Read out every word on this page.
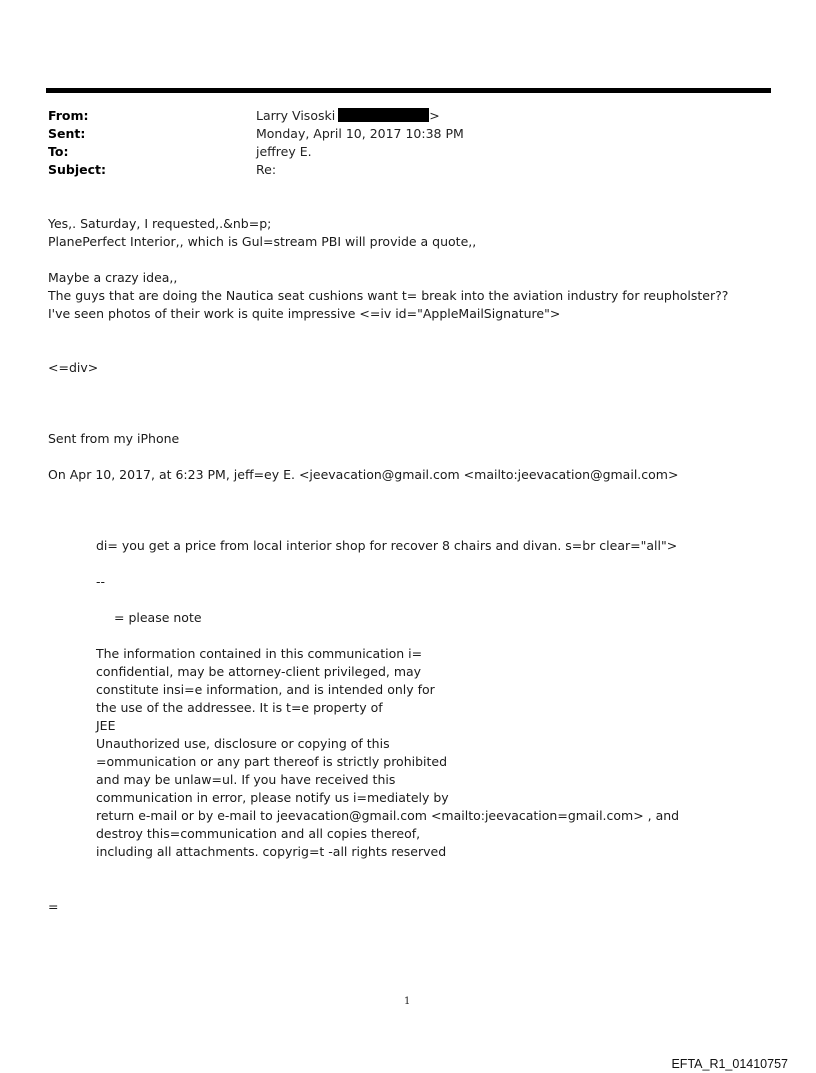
From:	Larry Visoski	>
Sent:	Monday, April 10, 2017 10:38 PM
To:	jeffrey E.
Subject:	Re:
Yes,. Saturday, I requested,.&nb=p;
PlanePerfect Interior,, which is Gul=stream PBI will provide a quote,,
Maybe a crazy idea,,
The guys that are doing the Nautica seat cushions want t= break into the aviation industry for reupholster??
I've seen photos of their work is quite impressive <=iv id="AppleMailSignature">
<=div>
Sent from my iPhone
On Apr 10, 2017, at 6:23 PM, jeff=ey E. <jeevacation@gmail.com <mailto:jeevacation@gmail.com>
di= you get a price from local interior shop for recover 8 chairs and divan. s=br clear="all">
--
= please note
The information contained in this communication i=
confidential, may be attorney-client privileged, may
constitute insi=e information, and is intended only for
the use of the addressee. It is t=e property of
JEE
Unauthorized use, disclosure or copying of this
=ommunication or any part thereof is strictly prohibited
and may be unlaw=ul. If you have received this
communication in error, please notify us i=mediately by
return e-mail or by e-mail to jeevacation@gmail.com <mailto:jeevacation=gmail.com> , and
destroy this=communication and all copies thereof,
including all attachments. copyrig=t -all rights reserved
=
1
EFTA_R1_01410757
